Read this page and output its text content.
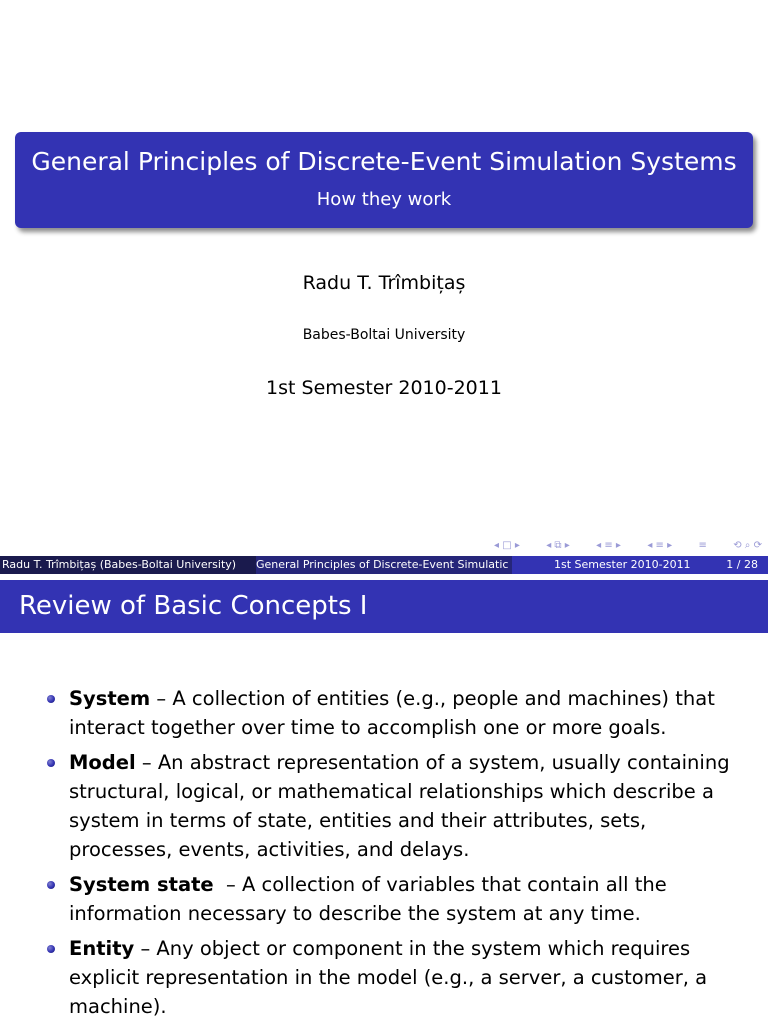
General Principles of Discrete-Event Simulation Systems
How they work
Radu T. Trîmbițaș
Babes-Boltai University
1st Semester 2010-2011
◂ □ ▸	◂ ⧉ ▸	◂ ≡ ▸	◂ ≡ ▸	≡	⟲ ⌕ ⟳
Radu T. Trîmbițaș (Babes-Boltai University)	General Principles of Discrete-Event Simulatic	1st Semester 2010-2011	1 / 28
Review of Basic Concepts I
System – A collection of entities (e.g., people and machines) that interact together over time to accomplish one or more goals.
Model – An abstract representation of a system, usually containing structural, logical, or mathematical relationships which describe a system in terms of state, entities and their attributes, sets, processes, events, activities, and delays.
System state  – A collection of variables that contain all the information necessary to describe the system at any time.
Entity – Any object or component in the system which requires explicit representation in the model (e.g., a server, a customer, a machine).
